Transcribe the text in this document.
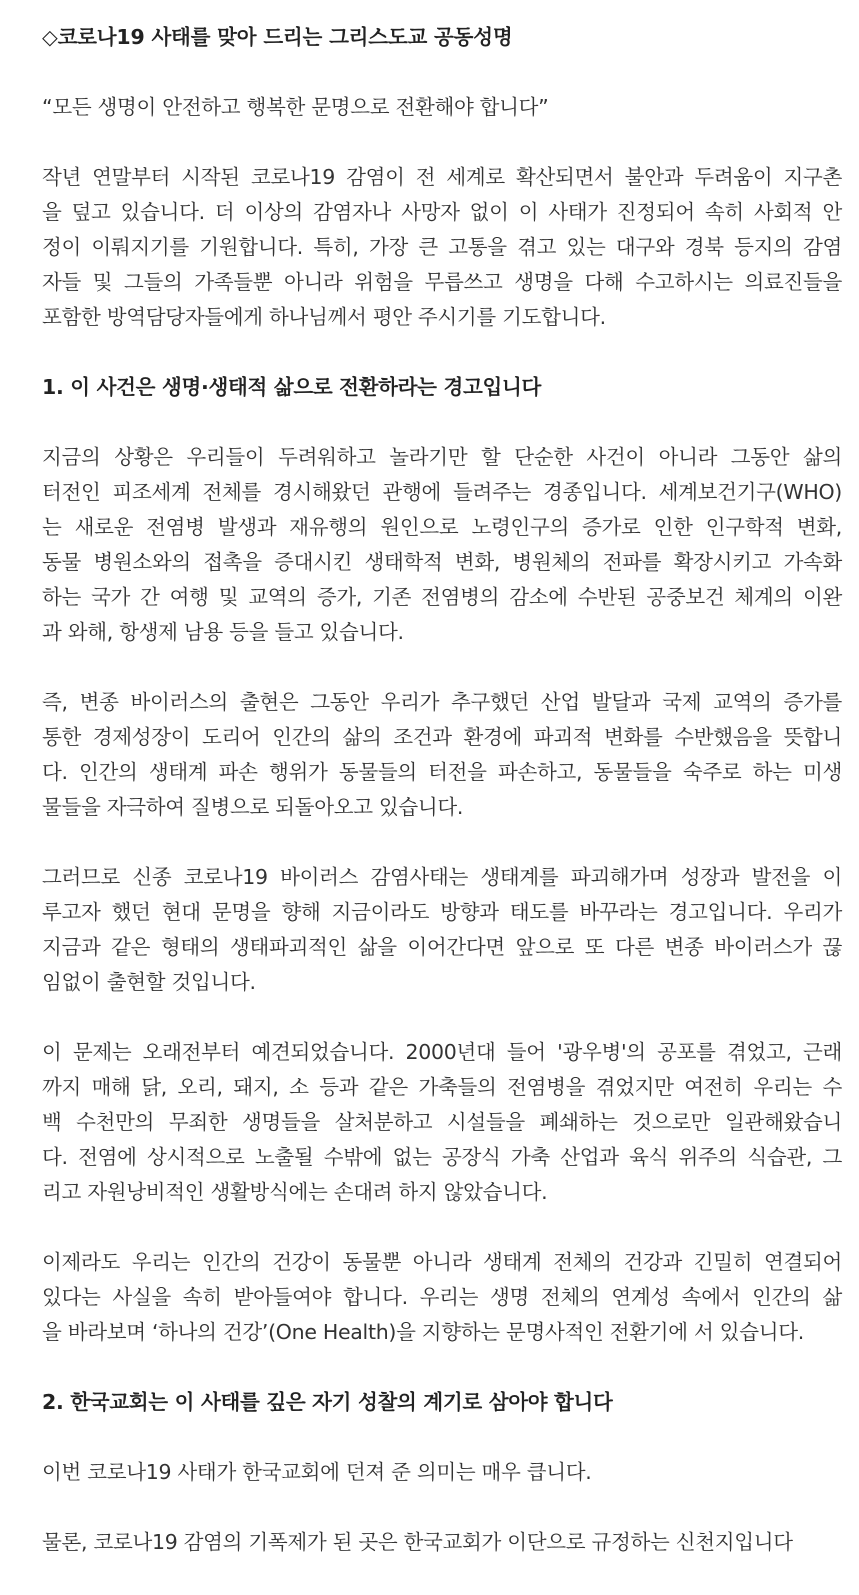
◇코로나19 사태를 맞아 드리는 그리스도교 공동성명

“모든 생명이 안전하고 행복한 문명으로 전환해야 합니다”

작년 연말부터 시작된 코로나19 감염이 전 세계로 확산되면서 불안과 두려움이 지구촌
을 덮고 있습니다. 더 이상의 감염자나 사망자 없이 이 사태가 진정되어 속히 사회적 안
정이 이뤄지기를 기원합니다. 특히, 가장 큰 고통을 겪고 있는 대구와 경북 등지의 감염
자들 및 그들의 가족들뿐 아니라 위험을 무릅쓰고 생명을 다해 수고하시는 의료진들을
포함한 방역담당자들에게 하나님께서 평안 주시기를 기도합니다.

1. 이 사건은 생명·생태적 삶으로 전환하라는 경고입니다

지금의 상황은 우리들이 두려워하고 놀라기만 할 단순한 사건이 아니라 그동안 삶의
터전인 피조세계 전체를 경시해왔던 관행에 들려주는 경종입니다. 세계보건기구(WHO)
는 새로운 전염병 발생과 재유행의 원인으로 노령인구의 증가로 인한 인구학적 변화,
동물 병원소와의 접촉을 증대시킨 생태학적 변화, 병원체의 전파를 확장시키고 가속화
하는 국가 간 여행 및 교역의 증가, 기존 전염병의 감소에 수반된 공중보건 체계의 이완
과 와해, 항생제 남용 등을 들고 있습니다.

즉, 변종 바이러스의 출현은 그동안 우리가 추구했던 산업 발달과 국제 교역의 증가를
통한 경제성장이 도리어 인간의 삶의 조건과 환경에 파괴적 변화를 수반했음을 뜻합니
다. 인간의 생태계 파손 행위가 동물들의 터전을 파손하고, 동물들을 숙주로 하는 미생
물들을 자극하여 질병으로 되돌아오고 있습니다.

그러므로 신종 코로나19 바이러스 감염사태는 생태계를 파괴해가며 성장과 발전을 이
루고자 했던 현대 문명을 향해 지금이라도 방향과 태도를 바꾸라는 경고입니다. 우리가
지금과 같은 형태의 생태파괴적인 삶을 이어간다면 앞으로 또 다른 변종 바이러스가 끊
임없이 출현할 것입니다.

이 문제는 오래전부터 예견되었습니다. 2000년대 들어 '광우병'의 공포를 겪었고, 근래
까지 매해 닭, 오리, 돼지, 소 등과 같은 가축들의 전염병을 겪었지만 여전히 우리는 수
백 수천만의 무죄한 생명들을 살처분하고 시설들을 폐쇄하는 것으로만 일관해왔습니
다. 전염에 상시적으로 노출될 수밖에 없는 공장식 가축 산업과 육식 위주의 식습관, 그
리고 자원낭비적인 생활방식에는 손대려 하지 않았습니다.

이제라도 우리는 인간의 건강이 동물뿐 아니라 생태계 전체의 건강과 긴밀히 연결되어
있다는 사실을 속히 받아들여야 합니다. 우리는 생명 전체의 연계성 속에서 인간의 삶
을 바라보며 ‘하나의 건강’(One Health)을 지향하는 문명사적인 전환기에 서 있습니다.

2. 한국교회는 이 사태를 깊은 자기 성찰의 계기로 삼아야 합니다

이번 코로나19 사태가 한국교회에 던져 준 의미는 매우 큽니다.

물론, 코로나19 감염의 기폭제가 된 곳은 한국교회가 이단으로 규정하는 신천지입니다
